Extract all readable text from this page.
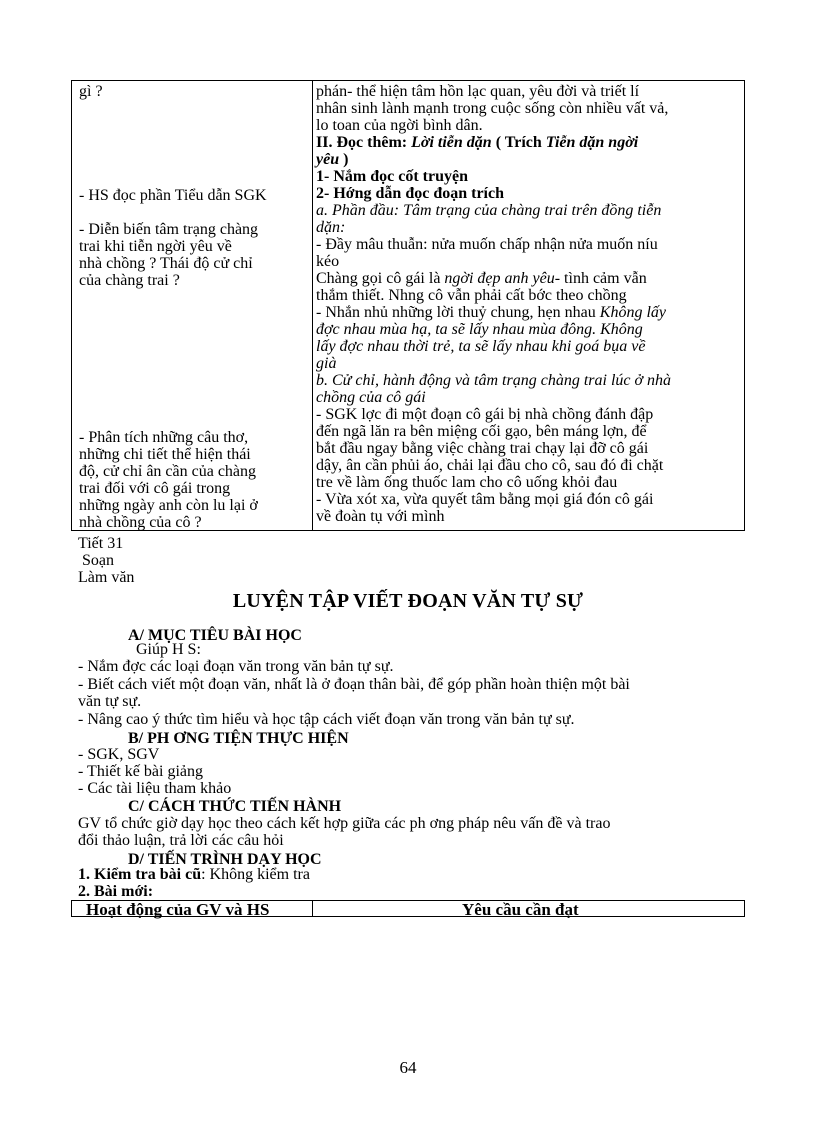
gì ?
- HS đọc phần Tiểu dẫn SGK
- Diễn biến tâm trạng chàng
trai khi tiễn ngời yêu về
nhà chồng ? Thái độ cử chỉ
của chàng trai ?
- Phân tích những câu thơ,
những chi tiết thể hiện thái
độ, cử chỉ ân cần của chàng
trai đối với cô gái trong
những ngày anh còn lu lại ở
nhà chồng của cô ?
phán- thể hiện tâm hồn lạc quan, yêu đời và triết lí
nhân sinh lành mạnh trong cuộc sống còn nhiều vất vả,
lo toan của ngời bình dân.
II. Đọc thêm: Lời tiễn dặn ( Trích Tiễn dặn ngời
yêu )
1- Nắm đọc cốt truyện
2- Hớng dẫn đọc đoạn trích
a. Phần đầu: Tâm trạng của chàng trai trên đồng tiễn
dặn:
- Đầy mâu thuẫn: nửa muốn chấp nhận nửa muốn níu
kéo
Chàng gọi cô gái là ngời đẹp anh yêu- tình cảm vẫn
thắm thiết. Nhng cô vẫn phải cất bớc theo chồng
- Nhắn nhủ những lời thuỷ chung, hẹn nhau Không lấy
đợc nhau mùa hạ, ta sẽ lấy nhau mùa đông. Không
lấy đợc nhau thời trẻ, ta sẽ lấy nhau khi goá bụa về
già
b. Cử chỉ, hành động và tâm trạng chàng trai lúc ở nhà
chồng của cô gái
- SGK lợc đi một đoạn cô gái bị nhà chồng đánh đập
đến ngã lăn ra bên miệng cối gạo, bên máng lợn, để
bắt đầu ngay bằng việc chàng trai chạy lại đỡ cô gái
dậy, ân cần phủi áo, chải lại đầu cho cô, sau đó đi chặt
tre về làm ống thuốc lam cho cô uống khỏi đau
- Vừa xót xa, vừa quyết tâm bằng mọi giá đón cô gái
về đoàn tụ với mình
Tiết 31
Soạn
Làm văn
LUYỆN TẬP VIẾT ĐOẠN VĂN TỰ SỰ
A/ MỤC TIÊU BÀI HỌC
Giúp H S:
- Nắm đợc các loại đoạn văn trong văn bản tự sự.
- Biết cách viết một đoạn văn, nhất là ở đoạn thân bài, để góp phần hoàn thiện một bài
văn tự sự.
- Nâng cao ý thức tìm hiểu và học tập cách viết đoạn văn trong văn bản tự sự.
B/ PH ƠNG TIỆN THỰC HIỆN
- SGK, SGV
- Thiết kế bài giảng
- Các tài liệu tham khảo
C/ CÁCH THỨC TIẾN HÀNH
GV tổ chức giờ dạy học theo cách kết hợp giữa các ph ơng pháp nêu vấn đề và trao
đổi thảo luận, trả lời các câu hỏi
D/ TIẾN TRÌNH DẠY HỌC
1. Kiểm tra bài cũ: Không kiểm tra
2. Bài mới:
Hoạt động của GV và HS	Yêu cầu cần đạt
64
